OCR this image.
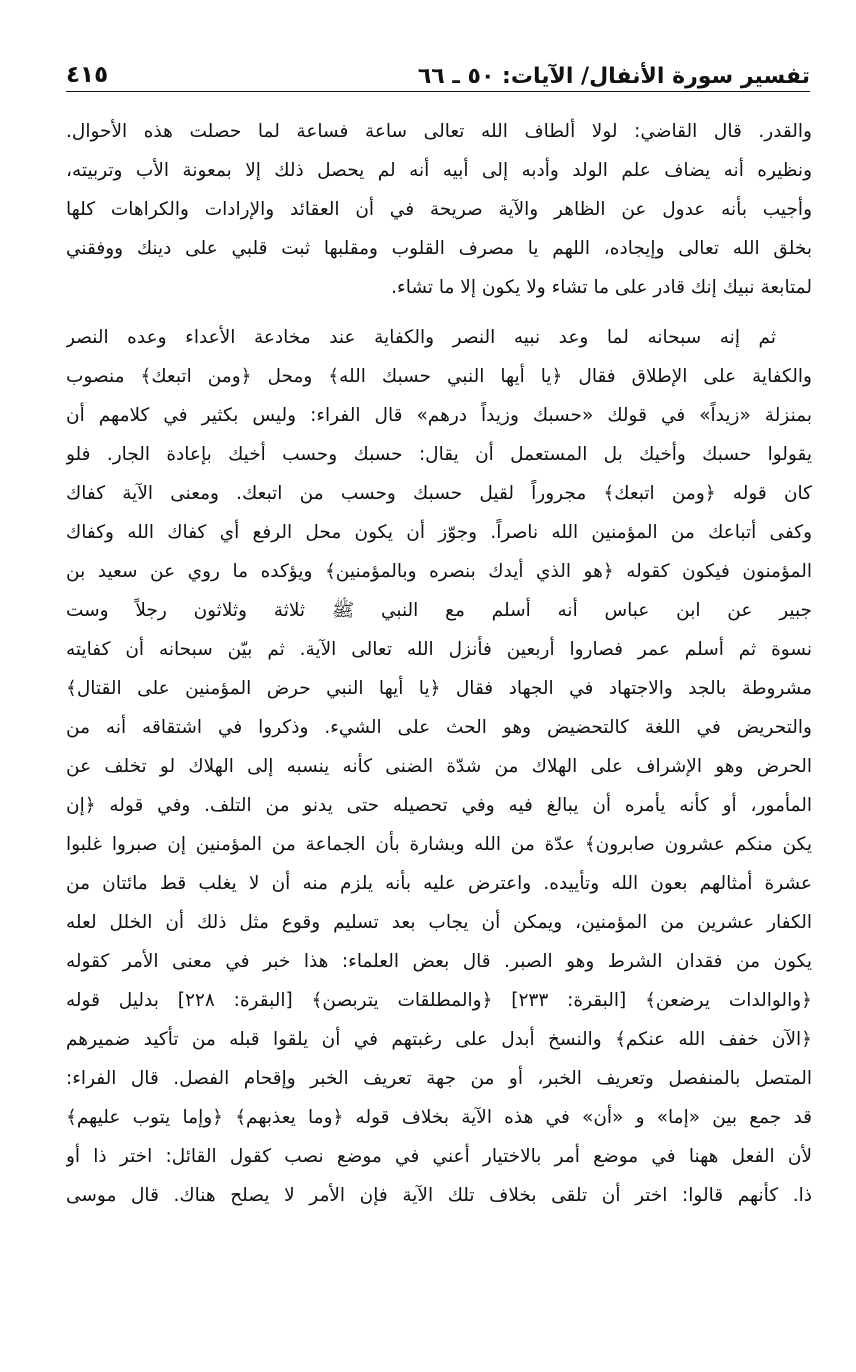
تفسير سورة الأنفال/ الآيات: ٥٠ ـ ٦٦
٤١٥
والقدر. قال القاضي: لولا ألطاف الله تعالى ساعة فساعة لما حصلت هذه الأحوال.
ونظيره أنه يضاف علم الولد وأدبه إلى أبيه أنه لم يحصل ذلك إلا بمعونة الأب وتربيته،
وأجيب بأنه عدول عن الظاهر والآية صريحة في أن العقائد والإرادات والكراهات كلها
بخلق الله تعالى وإيجاده، اللهم يا مصرف القلوب ومقلبها ثبت قلبي على دينك ووفقني
لمتابعة نبيك إنك قادر على ما تشاء ولا يكون إلا ما تشاء.
ثم إنه سبحانه لما وعد نبيه النصر والكفاية عند مخادعة الأعداء وعده النصر
والكفاية على الإطلاق فقال ﴿يا أيها النبي حسبك الله﴾ ومحل ﴿ومن اتبعك﴾ منصوب
بمنزلة «زيداً» في قولك «حسبك وزيداً درهم» قال الفراء: وليس بكثير في كلامهم أن
يقولوا حسبك وأخيك بل المستعمل أن يقال: حسبك وحسب أخيك بإعادة الجار. فلو
كان قوله ﴿ومن اتبعك﴾ مجروراً لقيل حسبك وحسب من اتبعك. ومعنى الآية كفاك
وكفى أتباعك من المؤمنين الله ناصراً. وجوّز أن يكون محل الرفع أي كفاك الله وكفاك
المؤمنون فيكون كقوله ﴿هو الذي أيدك بنصره وبالمؤمنين﴾ ويؤكده ما روي عن سعيد بن
جبير عن ابن عباس أنه أسلم مع النبي ﷺ ثلاثة وثلاثون رجلاً وست
نسوة ثم أسلم عمر فصاروا أربعين فأنزل الله تعالى الآية. ثم بيّن سبحانه أن كفايته
مشروطة بالجد والاجتهاد في الجهاد فقال ﴿يا أيها النبي حرض المؤمنين على القتال﴾
والتحريض في اللغة كالتحضيض وهو الحث على الشيء. وذكروا في اشتقاقه أنه من
الحرض وهو الإشراف على الهلاك من شدّة الضنى كأنه ينسبه إلى الهلاك لو تخلف عن
المأمور، أو كأنه يأمره أن يبالغ فيه وفي تحصيله حتى يدنو من التلف. وفي قوله ﴿إن
يكن منكم عشرون صابرون﴾ عدّة من الله وبشارة بأن الجماعة من المؤمنين إن صبروا غلبوا
عشرة أمثالهم بعون الله وتأييده. واعترض عليه بأنه يلزم منه أن لا يغلب قط مائتان من
الكفار عشرين من المؤمنين، ويمكن أن يجاب بعد تسليم وقوع مثل ذلك أن الخلل لعله
يكون من فقدان الشرط وهو الصبر. قال بعض العلماء: هذا خبر في معنى الأمر كقوله
﴿والوالدات يرضعن﴾ [البقرة: ٢٣٣] ﴿والمطلقات يتربصن﴾ [البقرة: ٢٢٨] بدليل قوله
﴿الآن خفف الله عنكم﴾ والنسخ أبدل على رغبتهم في أن يلقوا قبله من تأكيد ضميرهم
المتصل بالمنفصل وتعريف الخبر، أو من جهة تعريف الخبر وإقحام الفصل. قال الفراء:
قد جمع بين «إما» و «أن» في هذه الآية بخلاف قوله ﴿وما يعذبهم﴾ ﴿وإما يتوب عليهم﴾
لأن الفعل ههنا في موضع أمر بالاختيار أعني في موضع نصب كقول القائل: اختر ذا أو
ذا. كأنهم قالوا: اختر أن تلقى بخلاف تلك الآية فإن الأمر لا يصلح هناك. قال موسى
